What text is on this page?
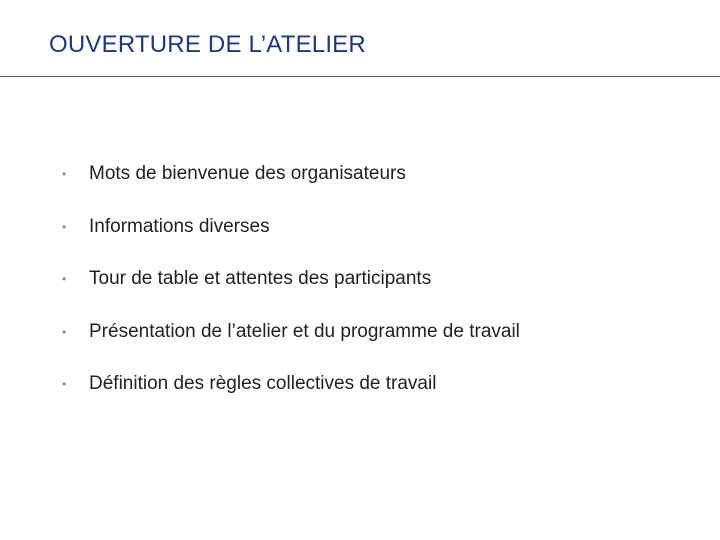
OUVERTURE DE L’ATELIER
•	Mots de bienvenue des organisateurs
•	Informations diverses
•	Tour de table et attentes des participants
•	Présentation de l’atelier et du programme de travail
•	Définition des règles collectives de travail
